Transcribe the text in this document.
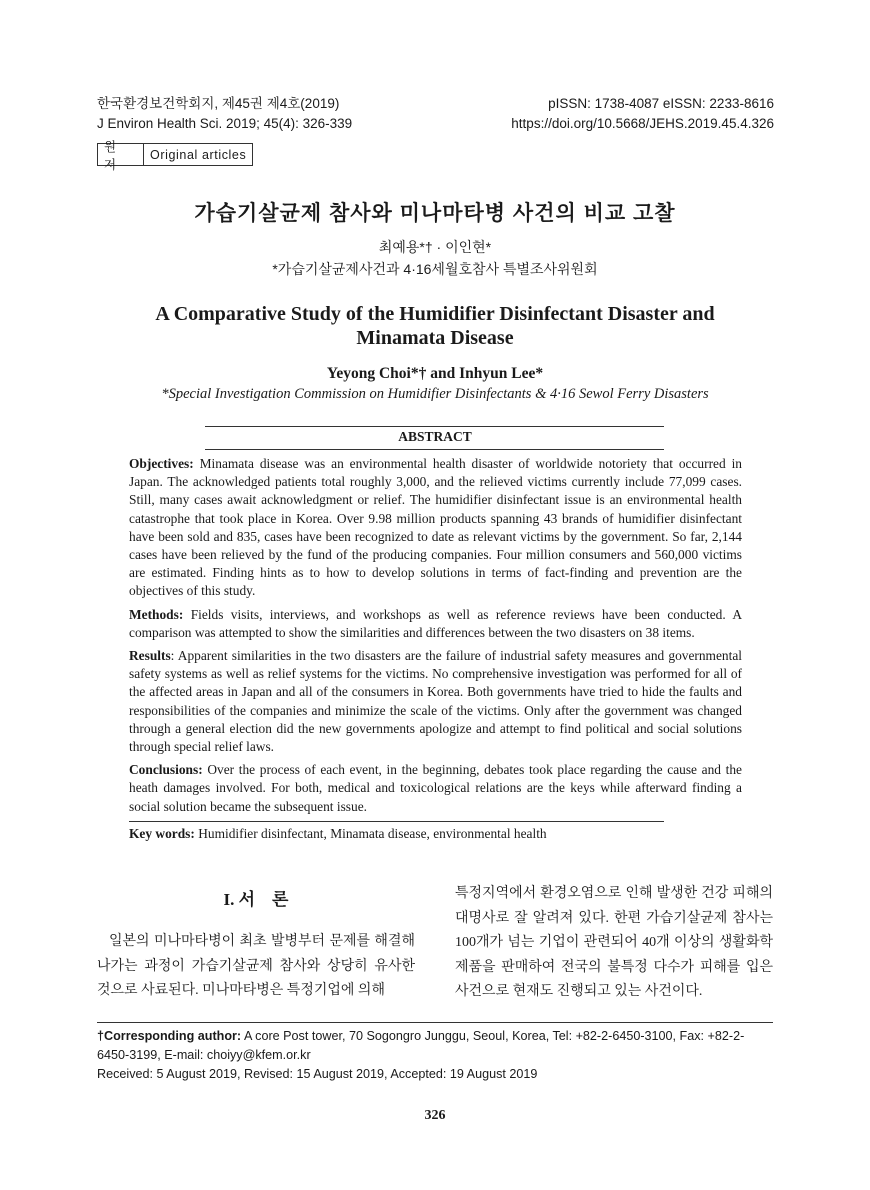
한국환경보건학회지, 제45권 제4호(2019)
J Environ Health Sci. 2019; 45(4): 326-339
pISSN: 1738-4087 eISSN: 2233-8616
https://doi.org/10.5668/JEHS.2019.45.4.326
원 저
Original articles
가습기살균제 참사와 미나마타병 사건의 비교 고찰
최예용*† · 이인현*
*가습기살균제사건과 4·16세월호참사 특별조사위원회
A Comparative Study of the Humidifier Disinfectant Disaster and Minamata Disease
Yeyong Choi*† and Inhyun Lee*
*Special Investigation Commission on Humidifier Disinfectants & 4·16 Sewol Ferry Disasters
ABSTRACT

Objectives: Minamata disease was an environmental health disaster of worldwide notoriety that occurred in Japan. The acknowledged patients total roughly 3,000, and the relieved victims currently include 77,099 cases. Still, many cases await acknowledgment or relief. The humidifier disinfectant issue is an environmental health catastrophe that took place in Korea. Over 9.98 million products spanning 43 brands of humidifier disinfectant have been sold and 835, cases have been recognized to date as relevant victims by the government. So far, 2,144 cases have been relieved by the fund of the producing companies. Four million consumers and 560,000 victims are estimated. Finding hints as to how to develop solutions in terms of fact-finding and prevention are the objectives of this study.

Methods: Fields visits, interviews, and workshops as well as reference reviews have been conducted. A comparison was attempted to show the similarities and differences between the two disasters on 38 items.

Results: Apparent similarities in the two disasters are the failure of industrial safety measures and governmental safety systems as well as relief systems for the victims. No comprehensive investigation was performed for all of the affected areas in Japan and all of the consumers in Korea. Both governments have tried to hide the faults and responsibilities of the companies and minimize the scale of the victims. Only after the government was changed through a general election did the new governments apologize and attempt to find political and social solutions through special relief laws.

Conclusions: Over the process of each event, in the beginning, debates took place regarding the cause and the heath damages involved. For both, medical and toxicological relations are the keys while afterward finding a social solution became the subsequent issue.

Key words: Humidifier disinfectant, Minamata disease, environmental health
I. 서　론
일본의 미나마타병이 최초 발병부터 문제를 해결해나가는 과정이 가습기살균제 참사와 상당히 유사한 것으로 사료된다. 미나마타병은 특정기업에 의해
특정지역에서 환경오염으로 인해 발생한 건강 피해의 대명사로 잘 알려져 있다. 한편 가습기살균제 참사는 100개가 넘는 기업이 관련되어 40개 이상의 생활화학제품을 판매하여 전국의 불특정 다수가 피해를 입은 사건으로 현재도 진행되고 있는 사건이다.
†Corresponding author: A core Post tower, 70 Sogongro Junggu, Seoul, Korea, Tel: +82-2-6450-3100, Fax: +82-2-6450-3199, E-mail: choiyy@kfem.or.kr
Received: 5 August 2019, Revised: 15 August 2019, Accepted: 19 August 2019
326
